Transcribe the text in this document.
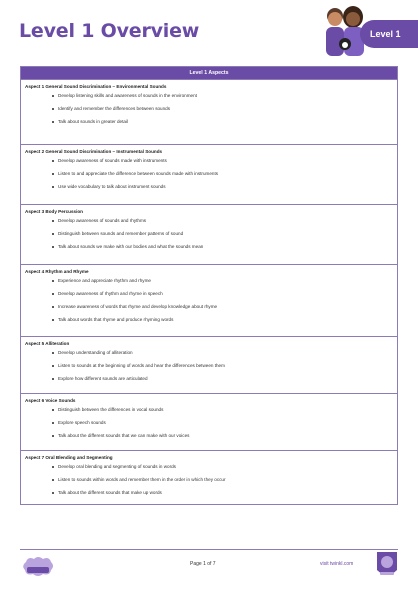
Level 1 Overview	Level 1
Level 1 Aspects
Aspect 1 General Sound Discrimination – Environmental Sounds
Develop listening skills and awareness of sounds in the environment
Identify and remember the differences between sounds
Talk about sounds in greater detail
Aspect 2 General Sound Discrimination – Instrumental Sounds
Develop awareness of sounds made with instruments
Listen to and appreciate the difference between sounds made with instruments
Use wide vocabulary to talk about instrument sounds
Aspect 3 Body Percussion
Develop awareness of sounds and rhythms
Distinguish between sounds and remember patterns of sound
Talk about sounds we make with our bodies and what the sounds mean
Aspect 4 Rhythm and Rhyme
Experience and appreciate rhythm and rhyme
Develop awareness of rhythm and rhyme in speech
Increase awareness of words that rhyme and develop knowledge about rhyme
Talk about words that rhyme and produce rhyming words
Aspect 5 Alliteration
Develop understanding of alliteration
Listen to sounds at the beginning of words and hear the differences between them
Explore how different sounds are articulated
Aspect 6 Voice Sounds
Distinguish between the differences in vocal sounds
Explore speech sounds
Talk about the different sounds that we can make with our voices
Aspect 7 Oral Blending and Segmenting
Develop oral blending and segmenting of sounds in words
Listen to sounds within words and remember them in the order in which they occur
Talk about the different sounds that make up words
Page 1 of 7	visit twinkl.com
